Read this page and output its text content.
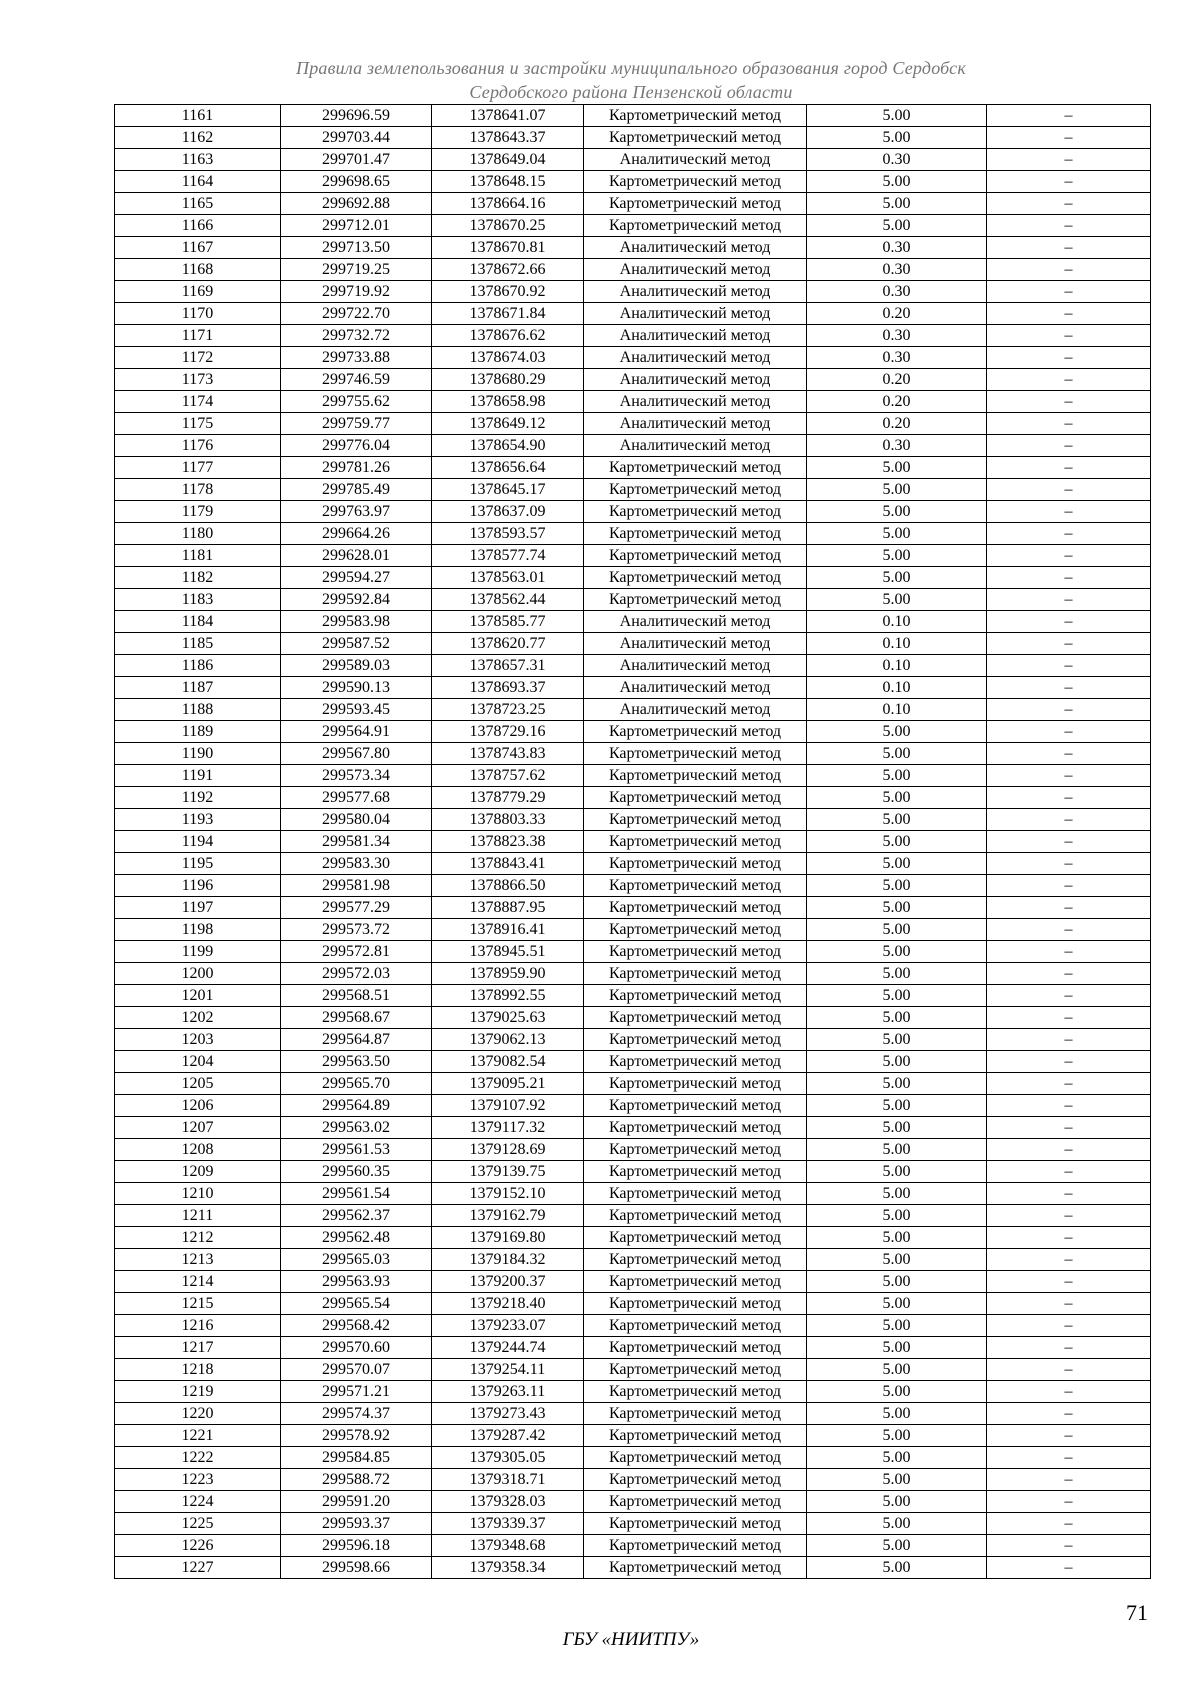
Правила землепользования и застройки муниципального образования город Сердобск
Сердобского района Пензенской области
1161	299696.59	1378641.07	Картометрический метод	5.00	–
1162	299703.44	1378643.37	Картометрический метод	5.00	–
1163	299701.47	1378649.04	Аналитический метод	0.30	–
1164	299698.65	1378648.15	Картометрический метод	5.00	–
1165	299692.88	1378664.16	Картометрический метод	5.00	–
1166	299712.01	1378670.25	Картометрический метод	5.00	–
1167	299713.50	1378670.81	Аналитический метод	0.30	–
1168	299719.25	1378672.66	Аналитический метод	0.30	–
1169	299719.92	1378670.92	Аналитический метод	0.30	–
1170	299722.70	1378671.84	Аналитический метод	0.20	–
1171	299732.72	1378676.62	Аналитический метод	0.30	–
1172	299733.88	1378674.03	Аналитический метод	0.30	–
1173	299746.59	1378680.29	Аналитический метод	0.20	–
1174	299755.62	1378658.98	Аналитический метод	0.20	–
1175	299759.77	1378649.12	Аналитический метод	0.20	–
1176	299776.04	1378654.90	Аналитический метод	0.30	–
1177	299781.26	1378656.64	Картометрический метод	5.00	–
1178	299785.49	1378645.17	Картометрический метод	5.00	–
1179	299763.97	1378637.09	Картометрический метод	5.00	–
1180	299664.26	1378593.57	Картометрический метод	5.00	–
1181	299628.01	1378577.74	Картометрический метод	5.00	–
1182	299594.27	1378563.01	Картометрический метод	5.00	–
1183	299592.84	1378562.44	Картометрический метод	5.00	–
1184	299583.98	1378585.77	Аналитический метод	0.10	–
1185	299587.52	1378620.77	Аналитический метод	0.10	–
1186	299589.03	1378657.31	Аналитический метод	0.10	–
1187	299590.13	1378693.37	Аналитический метод	0.10	–
1188	299593.45	1378723.25	Аналитический метод	0.10	–
1189	299564.91	1378729.16	Картометрический метод	5.00	–
1190	299567.80	1378743.83	Картометрический метод	5.00	–
1191	299573.34	1378757.62	Картометрический метод	5.00	–
1192	299577.68	1378779.29	Картометрический метод	5.00	–
1193	299580.04	1378803.33	Картометрический метод	5.00	–
1194	299581.34	1378823.38	Картометрический метод	5.00	–
1195	299583.30	1378843.41	Картометрический метод	5.00	–
1196	299581.98	1378866.50	Картометрический метод	5.00	–
1197	299577.29	1378887.95	Картометрический метод	5.00	–
1198	299573.72	1378916.41	Картометрический метод	5.00	–
1199	299572.81	1378945.51	Картометрический метод	5.00	–
1200	299572.03	1378959.90	Картометрический метод	5.00	–
1201	299568.51	1378992.55	Картометрический метод	5.00	–
1202	299568.67	1379025.63	Картометрический метод	5.00	–
1203	299564.87	1379062.13	Картометрический метод	5.00	–
1204	299563.50	1379082.54	Картометрический метод	5.00	–
1205	299565.70	1379095.21	Картометрический метод	5.00	–
1206	299564.89	1379107.92	Картометрический метод	5.00	–
1207	299563.02	1379117.32	Картометрический метод	5.00	–
1208	299561.53	1379128.69	Картометрический метод	5.00	–
1209	299560.35	1379139.75	Картометрический метод	5.00	–
1210	299561.54	1379152.10	Картометрический метод	5.00	–
1211	299562.37	1379162.79	Картометрический метод	5.00	–
1212	299562.48	1379169.80	Картометрический метод	5.00	–
1213	299565.03	1379184.32	Картометрический метод	5.00	–
1214	299563.93	1379200.37	Картометрический метод	5.00	–
1215	299565.54	1379218.40	Картометрический метод	5.00	–
1216	299568.42	1379233.07	Картометрический метод	5.00	–
1217	299570.60	1379244.74	Картометрический метод	5.00	–
1218	299570.07	1379254.11	Картометрический метод	5.00	–
1219	299571.21	1379263.11	Картометрический метод	5.00	–
1220	299574.37	1379273.43	Картометрический метод	5.00	–
1221	299578.92	1379287.42	Картометрический метод	5.00	–
1222	299584.85	1379305.05	Картометрический метод	5.00	–
1223	299588.72	1379318.71	Картометрический метод	5.00	–
1224	299591.20	1379328.03	Картометрический метод	5.00	–
1225	299593.37	1379339.37	Картометрический метод	5.00	–
1226	299596.18	1379348.68	Картометрический метод	5.00	–
1227	299598.66	1379358.34	Картометрический метод	5.00	–
71
ГБУ «НИИТПУ»
